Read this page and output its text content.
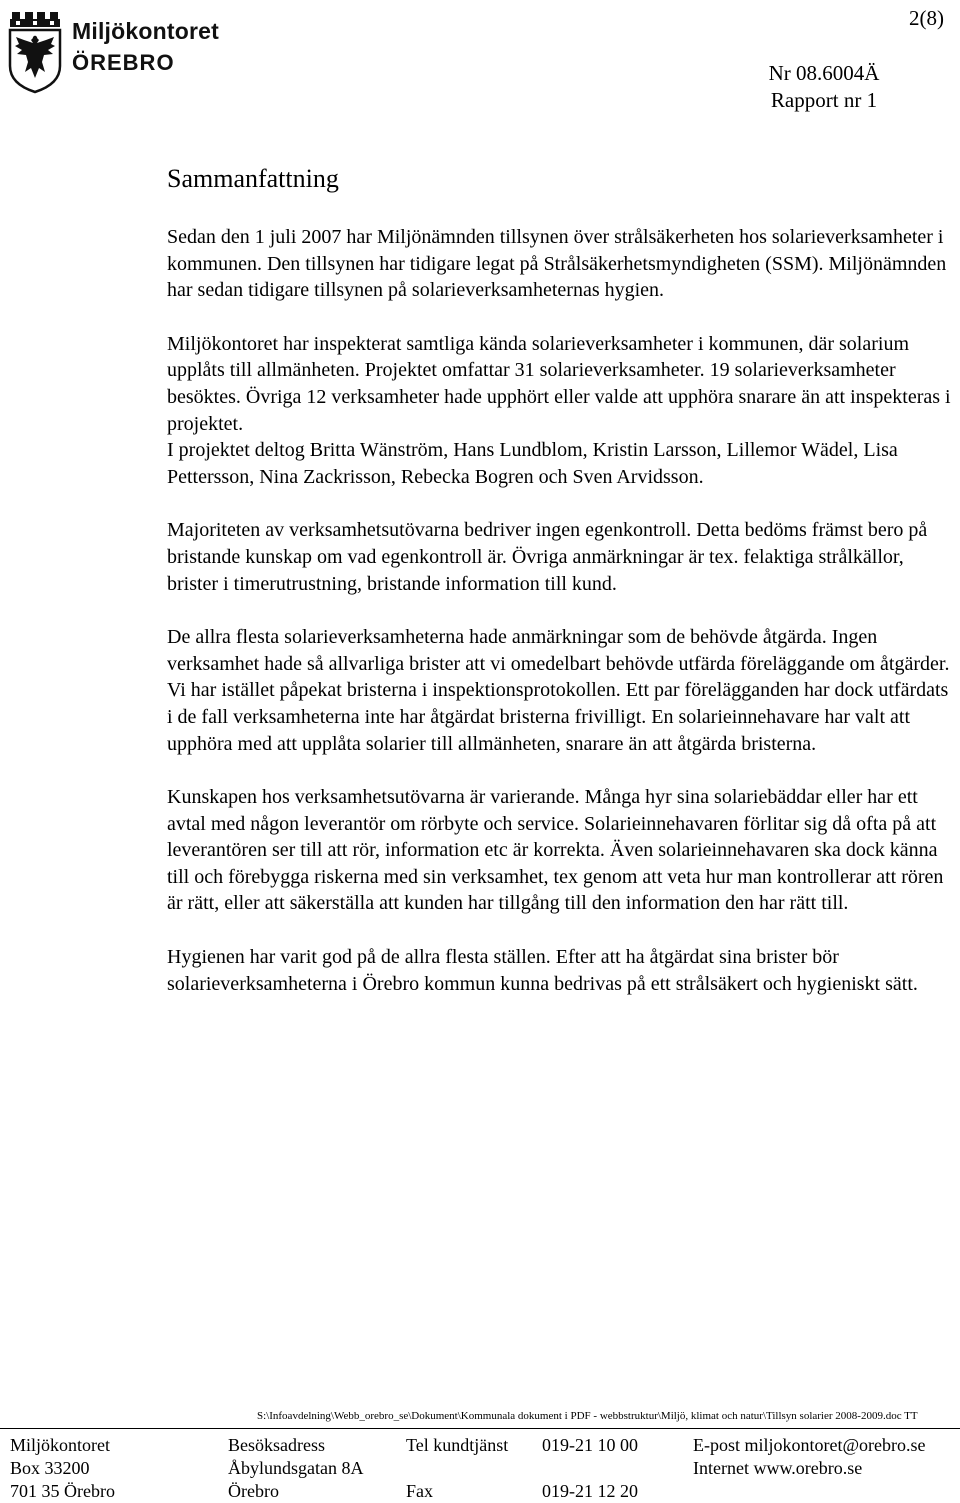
Miljökontoret
ÖREBRO
2(8)
Nr 08.6004Ä
Rapport nr 1
Sammanfattning

Sedan den 1 juli 2007 har Miljönämnden tillsynen över strålsäkerheten hos solarieverksamheter i kommunen. Den tillsynen har tidigare legat på Strålsäkerhetsmyndigheten (SSM). Miljönämnden har sedan tidigare tillsynen på solarieverksamheternas hygien.

Miljökontoret har inspekterat samtliga kända solarieverksamheter i kommunen, där solarium upplåts till allmänheten. Projektet omfattar 31 solarieverksamheter. 19 solarieverksamheter besöktes. Övriga 12 verksamheter hade upphört eller valde att upphöra snarare än att inspekteras i projektet.

I projektet deltog Britta Wänström, Hans Lundblom, Kristin Larsson, Lillemor Wädel, Lisa Pettersson, Nina Zackrisson, Rebecka Bogren och Sven Arvidsson.

Majoriteten av verksamhetsutövarna bedriver ingen egenkontroll. Detta bedöms främst bero på bristande kunskap om vad egenkontroll är. Övriga anmärkningar är tex. felaktiga strålkällor, brister i timerutrustning, bristande information till kund.

De allra flesta solarieverksamheterna hade anmärkningar som de behövde åtgärda. Ingen verksamhet hade så allvarliga brister att vi omedelbart behövde utfärda föreläggande om åtgärder. Vi har istället påpekat bristerna i inspektionsprotokollen. Ett par förelägganden har dock utfärdats i de fall verksamheterna inte har åtgärdat bristerna frivilligt. En solarieinnehavare har valt att upphöra med att upplåta solarier till allmänheten, snarare än att åtgärda bristerna.

Kunskapen hos verksamhetsutövarna är varierande. Många hyr sina solariebäddar eller har ett avtal med någon leverantör om rörbyte och service. Solarieinnehavaren förlitar sig då ofta på att leverantören ser till att rör, information etc är korrekta. Även solarieinnehavaren ska dock känna till och förebygga riskerna med sin verksamhet, tex genom att veta hur man kontrollerar att rören är rätt, eller att säkerställa att kunden har tillgång till den information den har rätt till.

Hygienen har varit god på de allra flesta ställen. Efter att ha åtgärdat sina brister bör solarieverksamheterna i Örebro kommun kunna bedrivas på ett strålsäkert och hygieniskt sätt.

S:\Infoavdelning\Webb_orebro_se\Dokument\Kommunala dokument i PDF - webbstruktur\Miljö, klimat och natur\Tillsyn solarier 2008-2009.doc TT
Miljökontoret
Box 33200
701 35 Örebro
Besöksadress
Åbylundsgatan 8A
Örebro
Tel kundtjänst
Fax
019-21 10 00
019-21 12 20
E-post miljokontoret@orebro.se
Internet www.orebro.se
